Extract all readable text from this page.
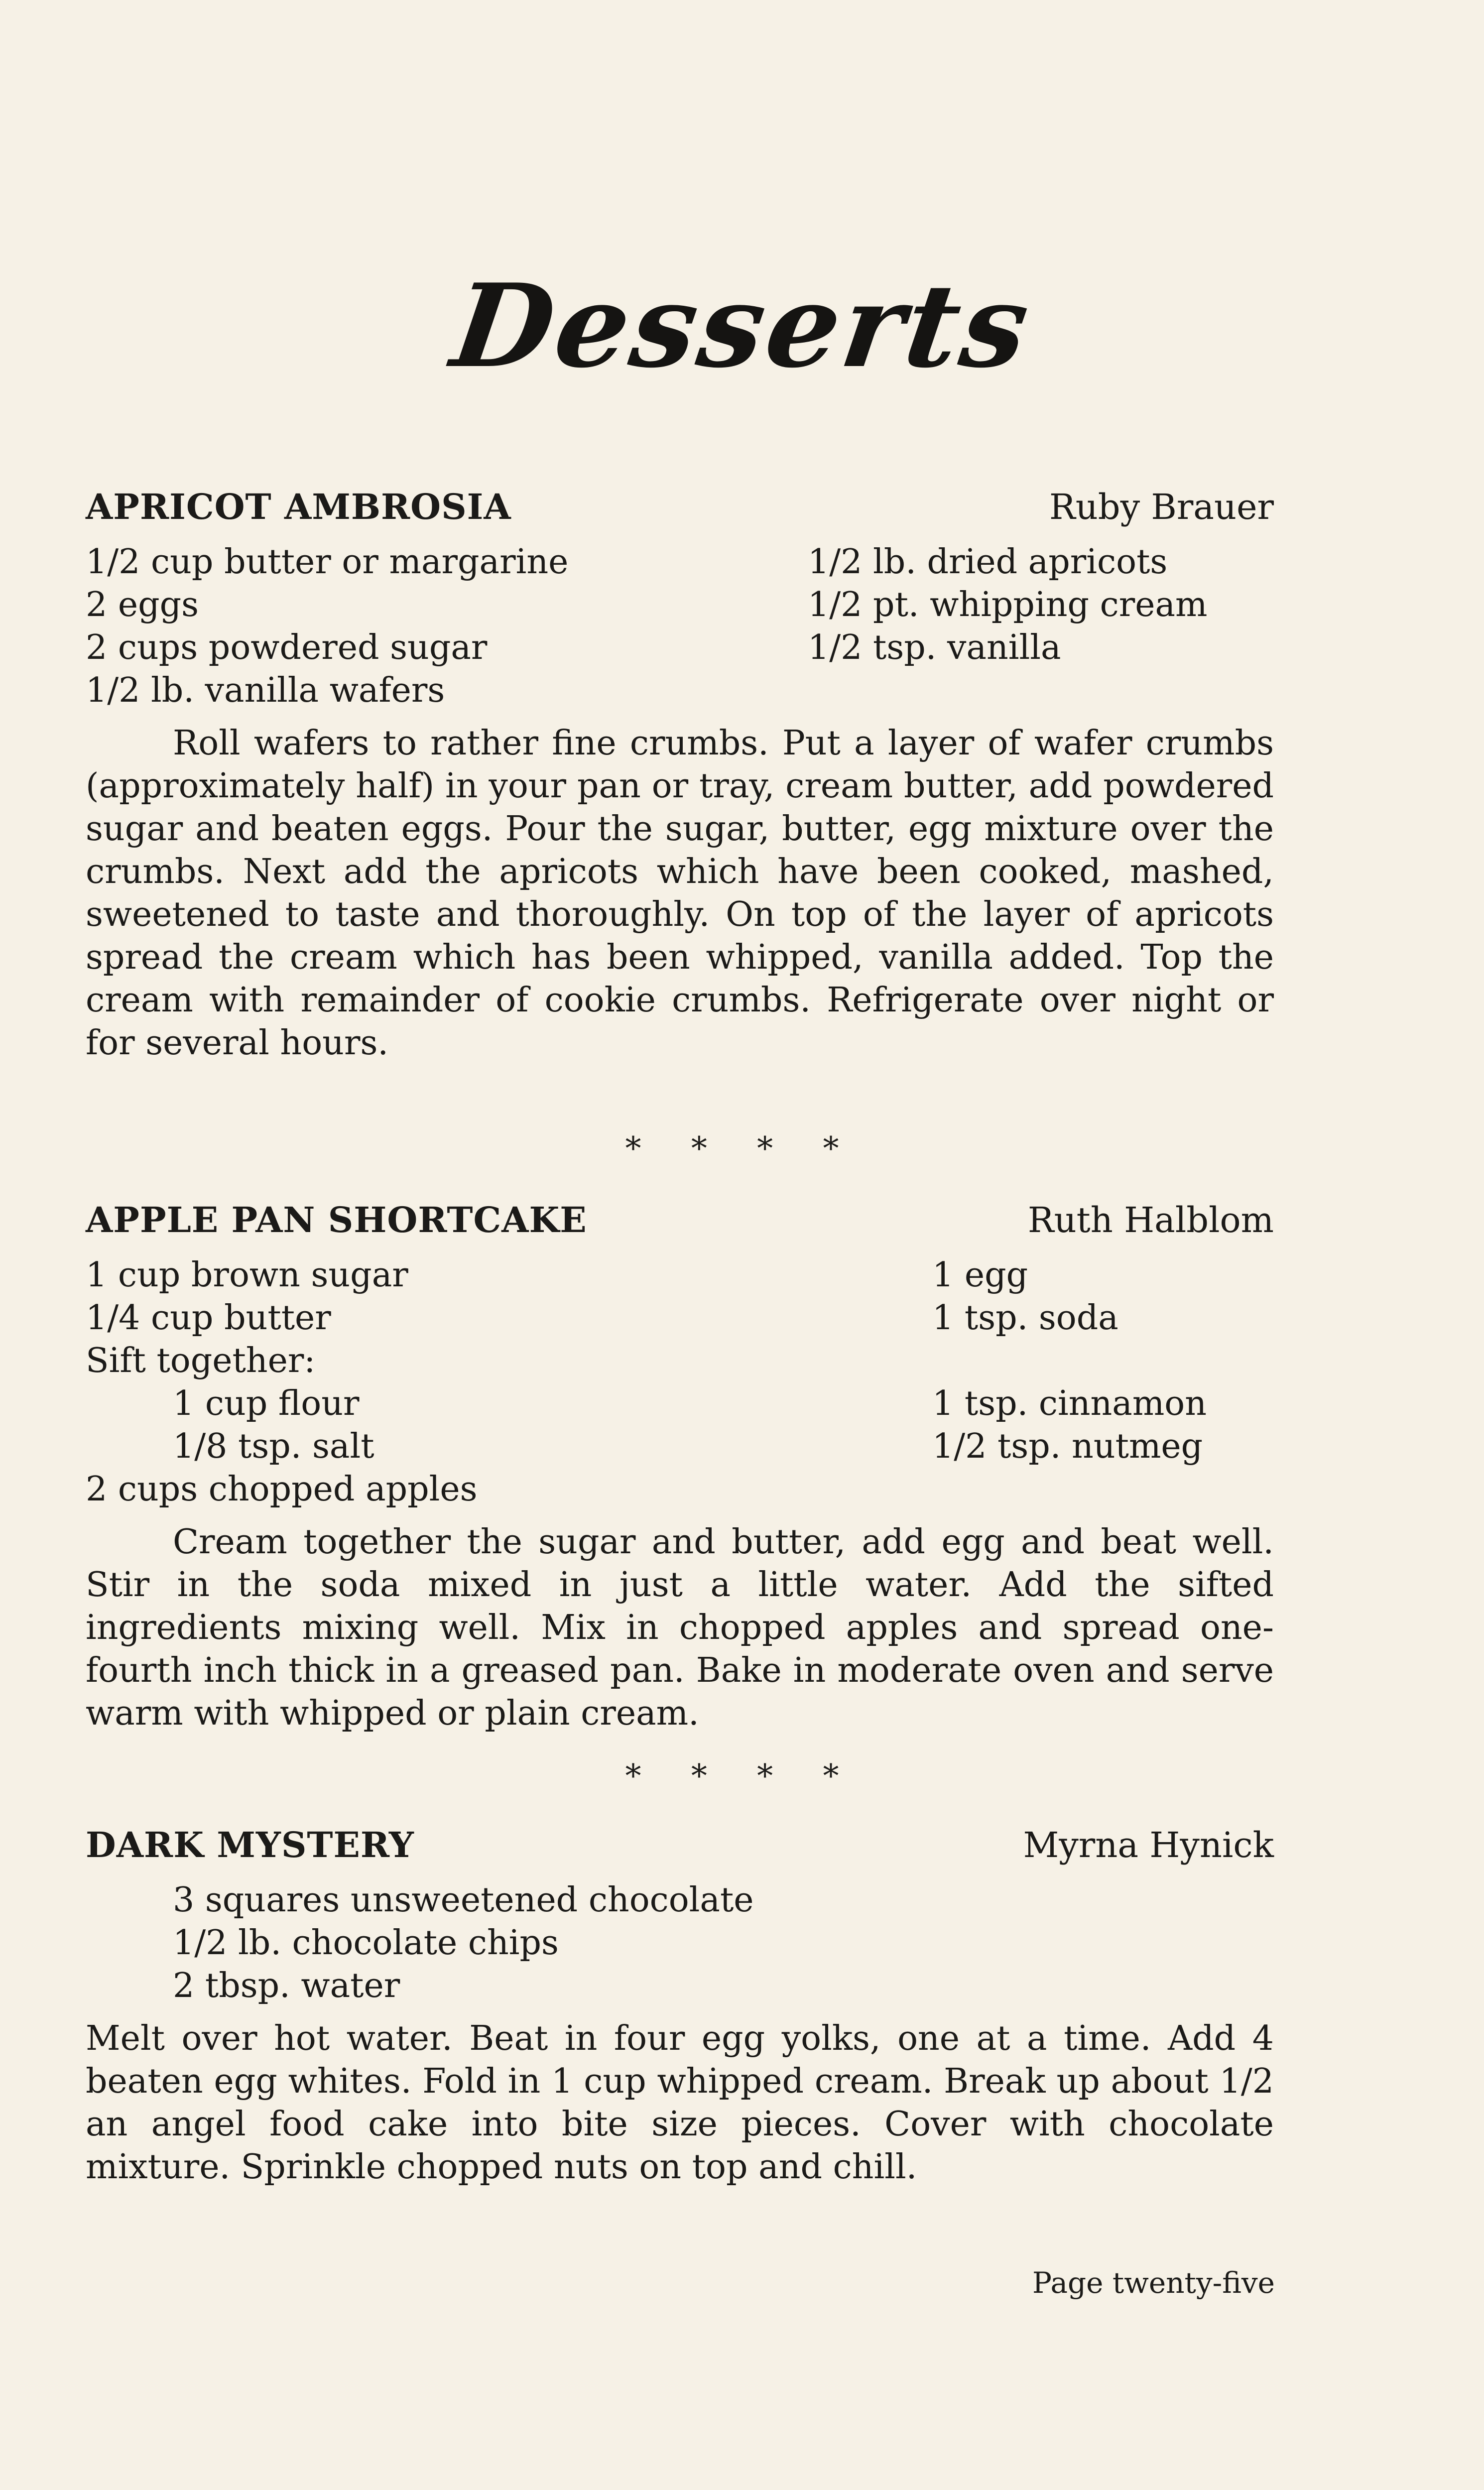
Desserts
APRICOT AMBROSIA	Ruby Brauer
1/2 cup butter or margarine	1/2 lb. dried apricots
2 eggs	1/2 pt. whipping cream
2 cups powdered sugar	1/2 tsp. vanilla
1/2 lb. vanilla wafers
Roll wafers to rather fine crumbs. Put a layer of wafer crumbs (approximately half) in your pan or tray, cream butter, add powdered sugar and beaten eggs. Pour the sugar, butter, egg mixture over the crumbs. Next add the apricots which have been cooked, mashed, sweetened to taste and thoroughly. On top of the layer of apricots spread the cream which has been whipped, vanilla added. Top the cream with remainder of cookie crumbs. Refrigerate over night or for several hours.
* * * *
APPLE PAN SHORTCAKE	Ruth Halblom
1 cup brown sugar	1 egg
1/4 cup butter	1 tsp. soda
Sift together:
1 cup flour	1 tsp. cinnamon
1/8 tsp. salt	1/2 tsp. nutmeg
2 cups chopped apples
Cream together the sugar and butter, add egg and beat well. Stir in the soda mixed in just a little water. Add the sifted ingredients mixing well. Mix in chopped apples and spread one-fourth inch thick in a greased pan. Bake in moderate oven and serve warm with whipped or plain cream.
* * * *
DARK MYSTERY	Myrna Hynick
3 squares unsweetened chocolate
1/2 lb. chocolate chips
2 tbsp. water
Melt over hot water. Beat in four egg yolks, one at a time. Add 4 beaten egg whites. Fold in 1 cup whipped cream. Break up about 1/2 an angel food cake into bite size pieces. Cover with chocolate mixture. Sprinkle chopped nuts on top and chill.
Page twenty-five
